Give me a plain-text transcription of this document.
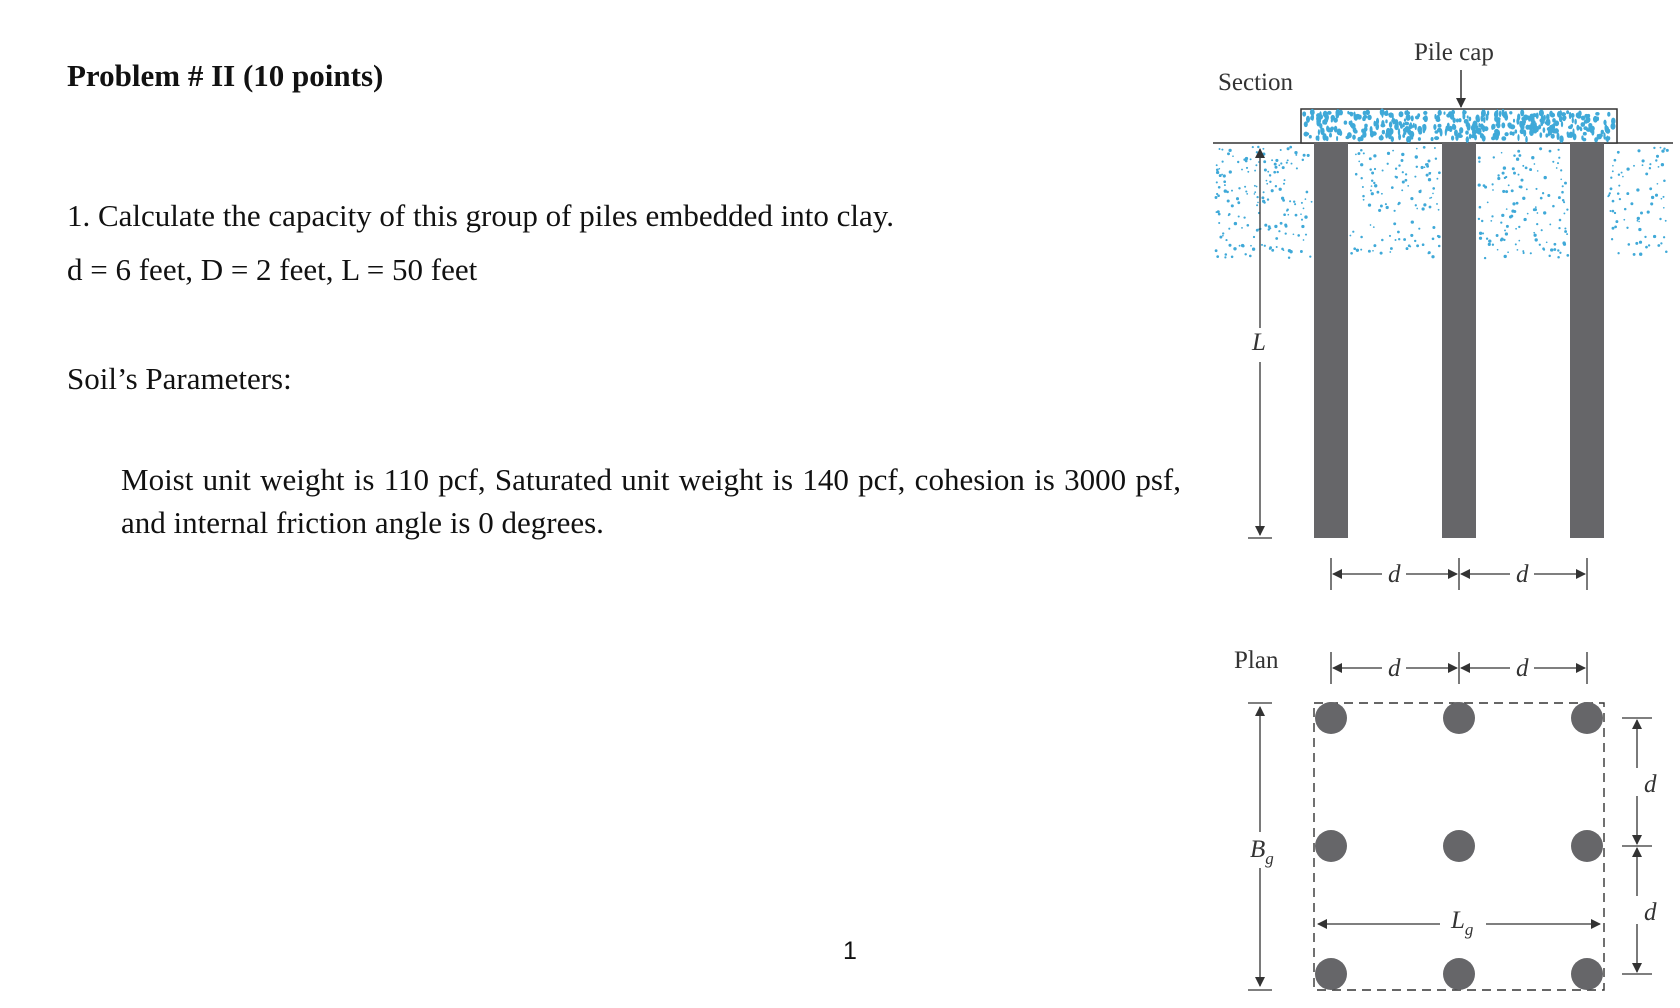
Problem # II (10 points)

1. Calculate the capacity of this group of piles embedded into clay.

d = 6 feet, D = 2 feet, L = 50 feet

Soil’s Parameters:

Moist unit weight is 110 pcf, Saturated unit weight is 140 pcf, cohesion is 3000 psf, and internal friction angle is 0 degrees.

1

Section
Pile cap
L
d	d
Plan	d	d
$B_g$
$L_g$
d
d
